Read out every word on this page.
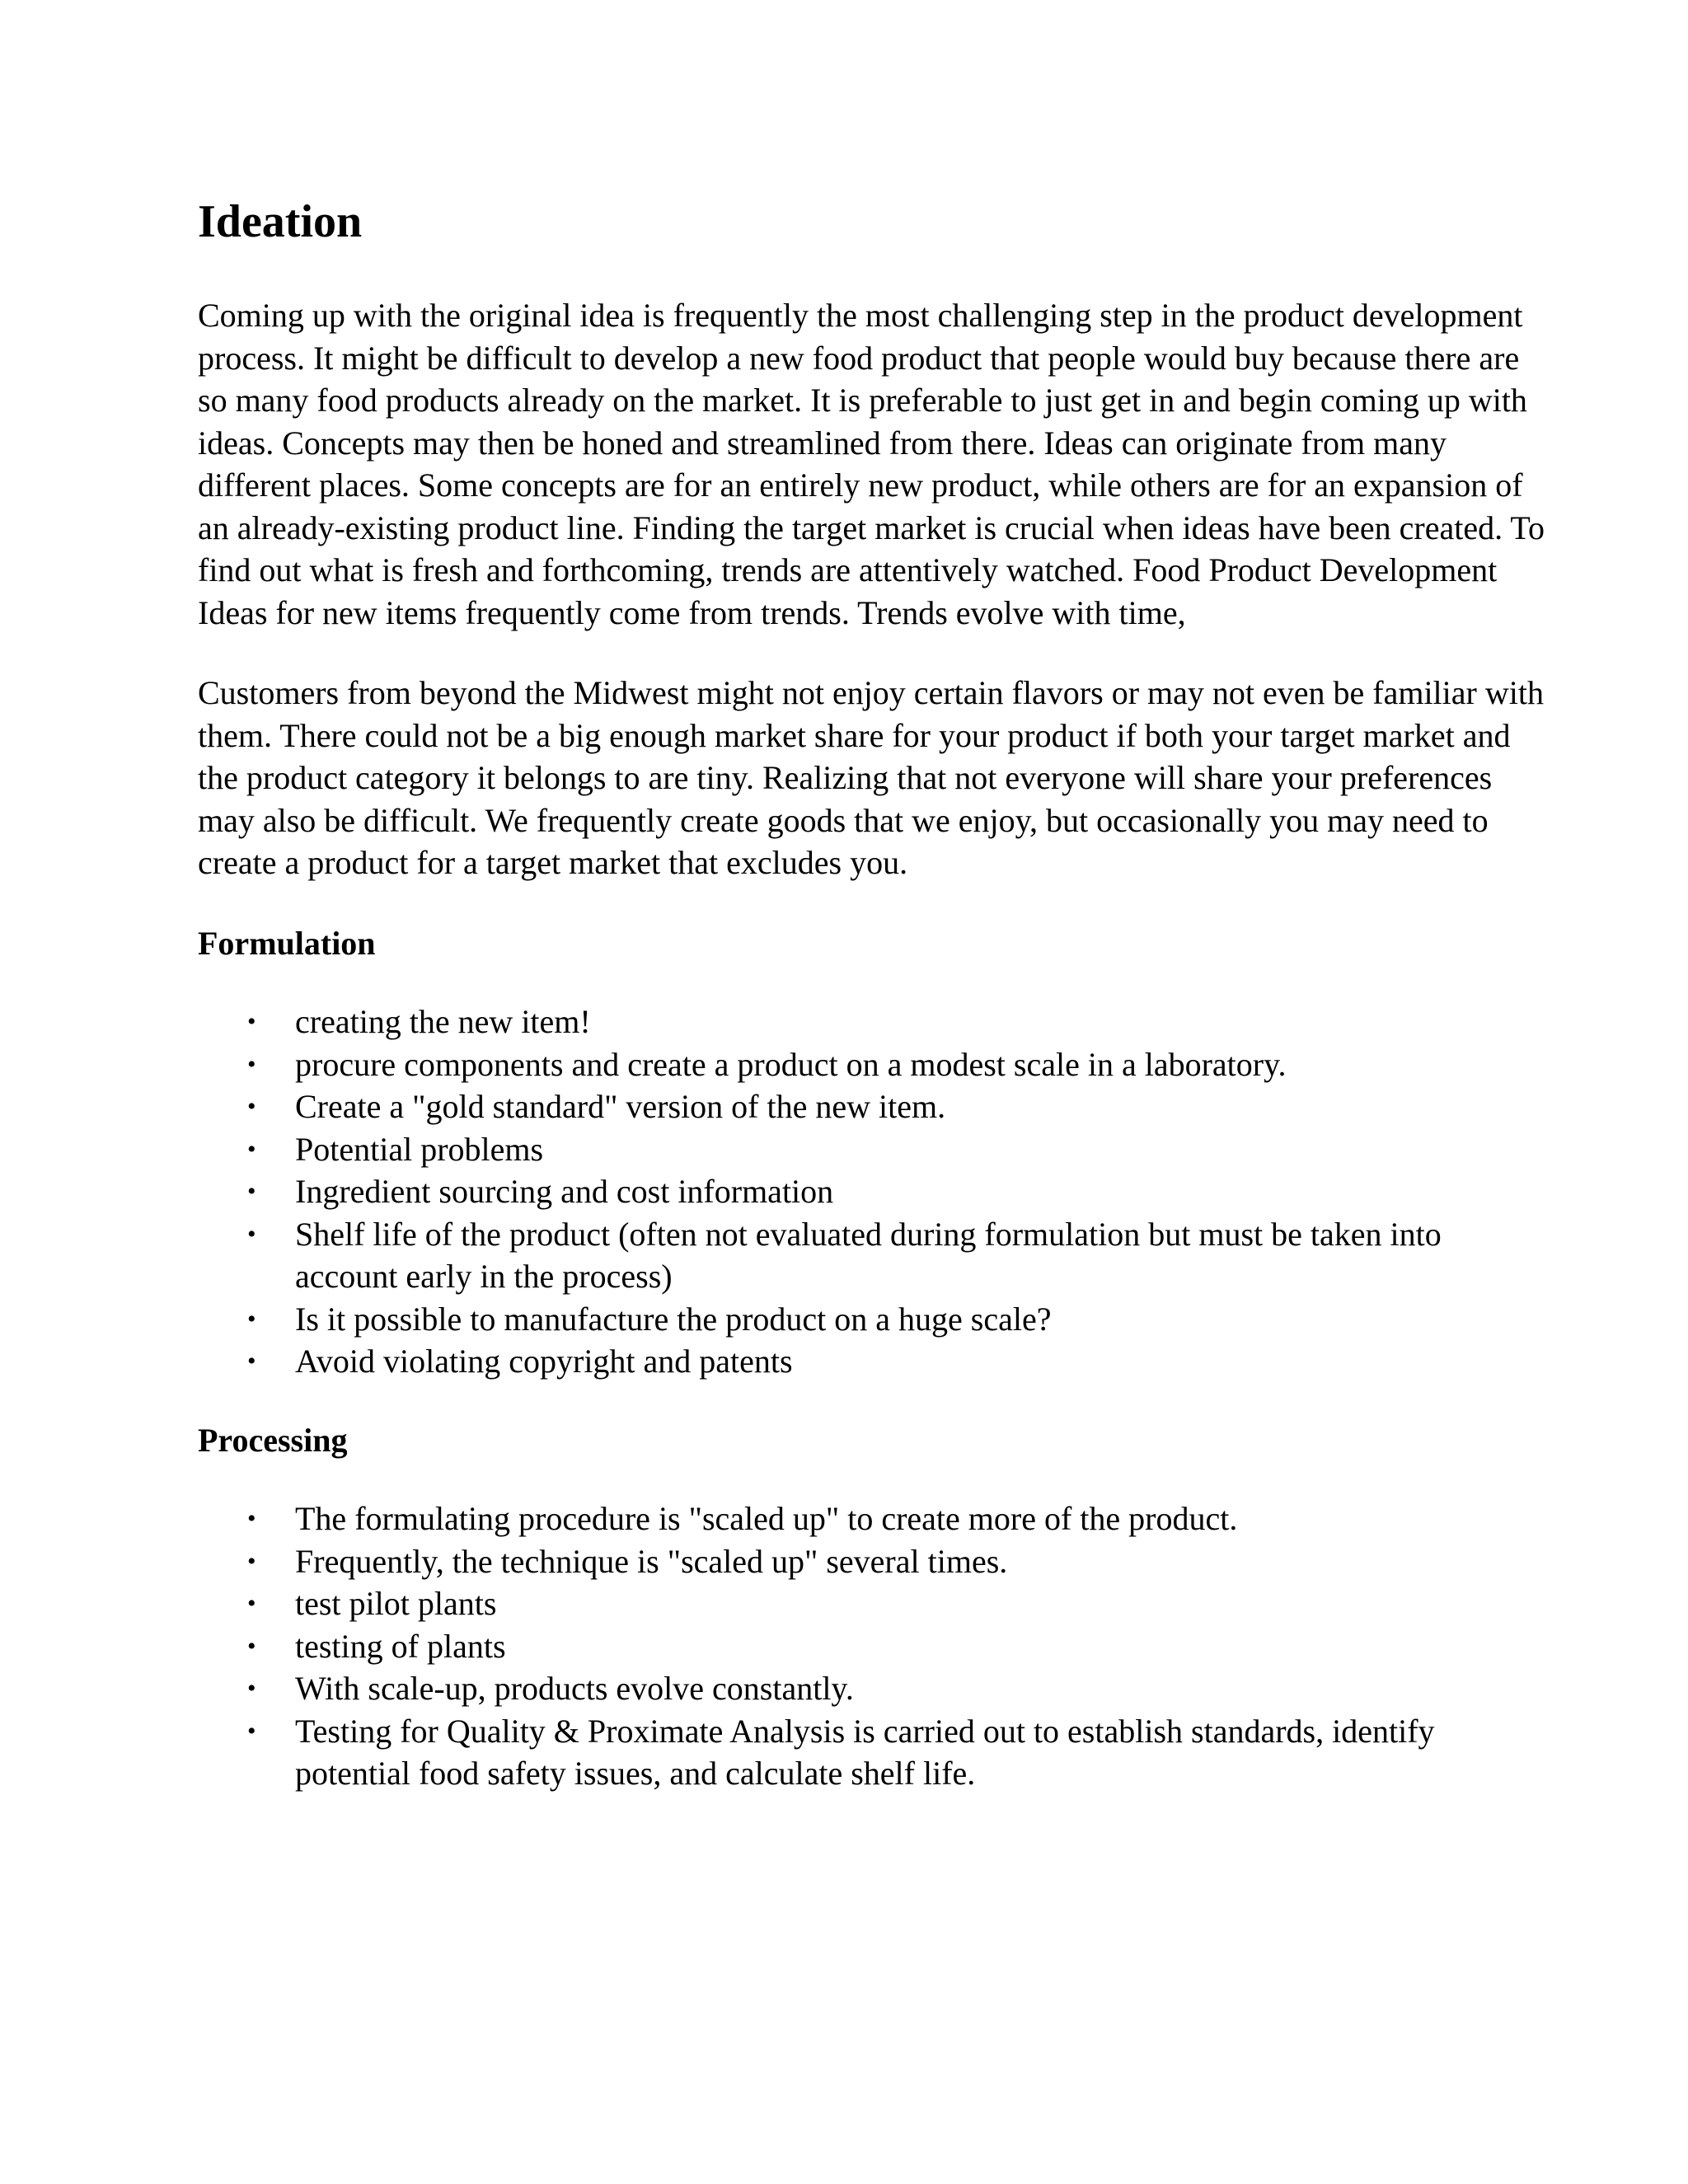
Ideation

Coming up with the original idea is frequently the most challenging step in the product development process. It might be difficult to develop a new food product that people would buy because there are so many food products already on the market. It is preferable to just get in and begin coming up with ideas. Concepts may then be honed and streamlined from there. Ideas can originate from many different places. Some concepts are for an entirely new product, while others are for an expansion of an already-existing product line. Finding the target market is crucial when ideas have been created. To find out what is fresh and forthcoming, trends are attentively watched. Food Product Development Ideas for new items frequently come from trends. Trends evolve with time,

Customers from beyond the Midwest might not enjoy certain flavors or may not even be familiar with them. There could not be a big enough market share for your product if both your target market and the product category it belongs to are tiny. Realizing that not everyone will share your preferences may also be difficult. We frequently create goods that we enjoy, but occasionally you may need to create a product for a target market that excludes you.

Formulation
• creating the new item!
• procure components and create a product on a modest scale in a laboratory.
• Create a "gold standard" version of the new item.
• Potential problems
• Ingredient sourcing and cost information
• Shelf life of the product (often not evaluated during formulation but must be taken into account early in the process)
• Is it possible to manufacture the product on a huge scale?
• Avoid violating copyright and patents
Processing
• The formulating procedure is "scaled up" to create more of the product.
• Frequently, the technique is "scaled up" several times.
• test pilot plants
• testing of plants
• With scale-up, products evolve constantly.
• Testing for Quality & Proximate Analysis is carried out to establish standards, identify potential food safety issues, and calculate shelf life.
